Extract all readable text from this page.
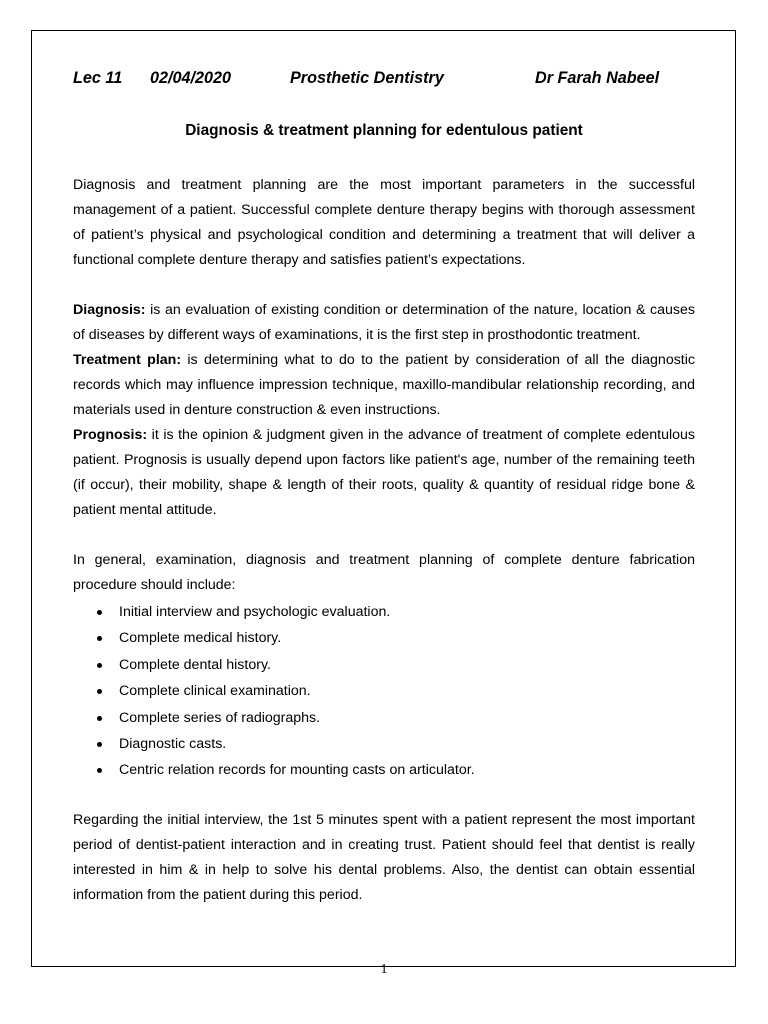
Lec 11	02/04/2020	Prosthetic Dentistry	Dr Farah Nabeel
Diagnosis & treatment planning for edentulous patient

Diagnosis and treatment planning are the most important parameters in the successful management of a patient. Successful complete denture therapy begins with thorough assessment of patient’s physical and psychological condition and determining a treatment that will deliver a functional complete denture therapy and satisfies patient’s expectations.

Diagnosis: is an evaluation of existing condition or determination of the nature, location & causes of diseases by different ways of examinations, it is the first step in prosthodontic treatment.

Treatment plan: is determining what to do to the patient by consideration of all the diagnostic records which may influence impression technique, maxillo-mandibular relationship recording, and materials used in denture construction & even instructions.

Prognosis: it is the opinion & judgment given in the advance of treatment of complete edentulous patient. Prognosis is usually depend upon factors like patient's age, number of the remaining teeth (if occur), their mobility, shape & length of their roots, quality & quantity of residual ridge bone & patient mental attitude.

In general, examination, diagnosis and treatment planning of complete denture fabrication procedure should include:

Initial interview and psychologic evaluation.
Complete medical history.
Complete dental history.
Complete clinical examination.
Complete series of radiographs.
Diagnostic casts.
Centric relation records for mounting casts on articulator.

Regarding the initial interview, the 1st 5 minutes spent with a patient represent the most important period of dentist-patient interaction and in creating trust. Patient should feel that dentist is really interested in him & in help to solve his dental problems. Also, the dentist can obtain essential information from the patient during this period.

1
